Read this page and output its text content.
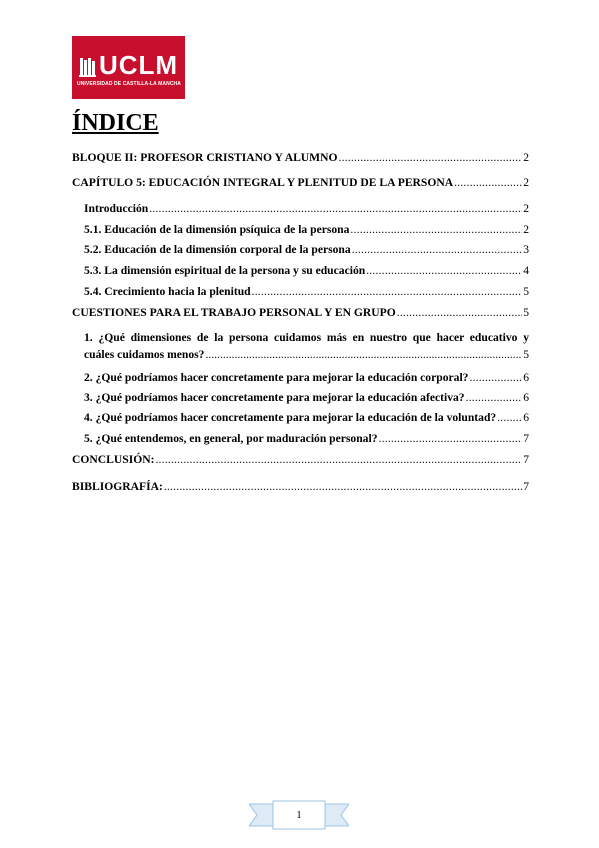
UCLM
UNIVERSIDAD DE CASTILLA-LA MANCHA
ÍNDICE
BLOQUE II: PROFESOR CRISTIANO Y ALUMNO .....	2
CAPÍTULO 5: EDUCACIÓN INTEGRAL Y PLENITUD DE LA PERSONA .....	2
Introducción .....	2
5.1. Educación de la dimensión psíquica de la persona .....	2
5.2. Educación de la dimensión corporal de la persona .....	3
5.3. La dimensión espiritual de la persona y su educación .....	4
5.4. Crecimiento hacia la plenitud .....	5
CUESTIONES PARA EL TRABAJO PERSONAL Y EN GRUPO .....	5
1. ¿Qué dimensiones de la persona cuidamos más en nuestro que hacer educativo y
cuáles cuidamos menos? .....	5
2. ¿Qué podríamos hacer concretamente para mejorar la educación corporal? .....	6
3. ¿Qué podríamos hacer concretamente para mejorar la educación afectiva? .....	6
4. ¿Qué podríamos hacer concretamente para mejorar la educación de la voluntad? ..... 6
5. ¿Qué entendemos, en general, por maduración personal? .....	7
CONCLUSIÓN: .....	7
BIBLIOGRAFÍA: .....	7
1
